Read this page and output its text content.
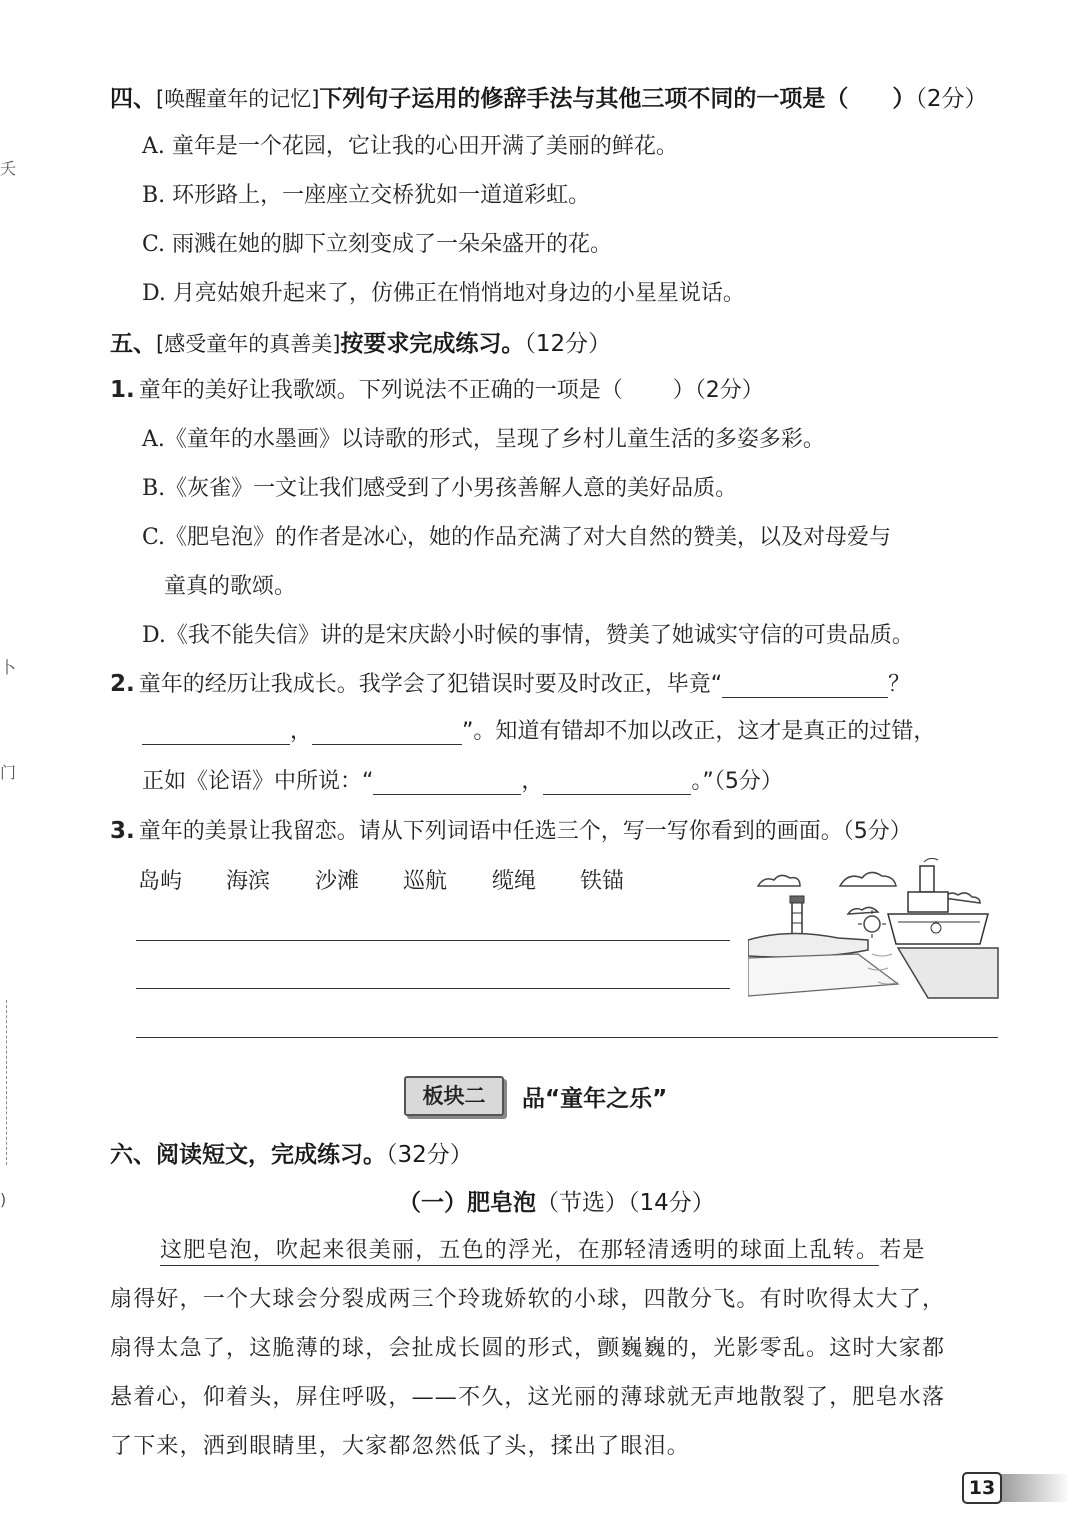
夭
卜
门
)
四、[唤醒童年的记忆]下列句子运用的修辞手法与其他三项不同的一项是（ ）（2分）
A. 童年是一个花园，它让我的心田开满了美丽的鲜花。
B. 环形路上，一座座立交桥犹如一道道彩虹。
C. 雨溅在她的脚下立刻变成了一朵朵盛开的花。
D. 月亮姑娘升起来了，仿佛正在悄悄地对身边的小星星说话。
五、[感受童年的真善美]按要求完成练习。（12分）
1. 童年的美好让我歌颂。下列说法不正确的一项是（ ）（2分）
A.《童年的水墨画》以诗歌的形式，呈现了乡村儿童生活的多姿多彩。
B.《灰雀》一文让我们感受到了小男孩善解人意的美好品质。
C.《肥皂泡》的作者是冰心，她的作品充满了对大自然的赞美，以及对母爱与
童真的歌颂。
D.《我不能失信》讲的是宋庆龄小时候的事情，赞美了她诚实守信的可贵品质。
2. 童年的经历让我成长。我学会了犯错误时要及时改正，毕竟“	？
，	”。知道有错却不加以改正，这才是真正的过错，
正如《论语》中所说：“	，	。”（5分）
3. 童年的美景让我留恋。请从下列词语中任选三个，写一写你看到的画面。（5分）
岛屿 海滨 沙滩 巡航 缆绳 铁锚
板块二	品“童年之乐”
六、阅读短文，完成练习。（32分）
（一）肥皂泡（节选）（14分）
这肥皂泡，吹起来很美丽，五色的浮光，在那轻清透明的球面上乱转。若是
扇得好，一个大球会分裂成两三个玲珑娇软的小球，四散分飞。有时吹得太大了，
扇得太急了，这脆薄的球，会扯成长圆的形式，颤巍巍的，光影零乱。这时大家都
悬着心，仰着头，屏住呼吸，——不久，这光丽的薄球就无声地散裂了，肥皂水落
了下来，洒到眼睛里，大家都忽然低了头，揉出了眼泪。
13
